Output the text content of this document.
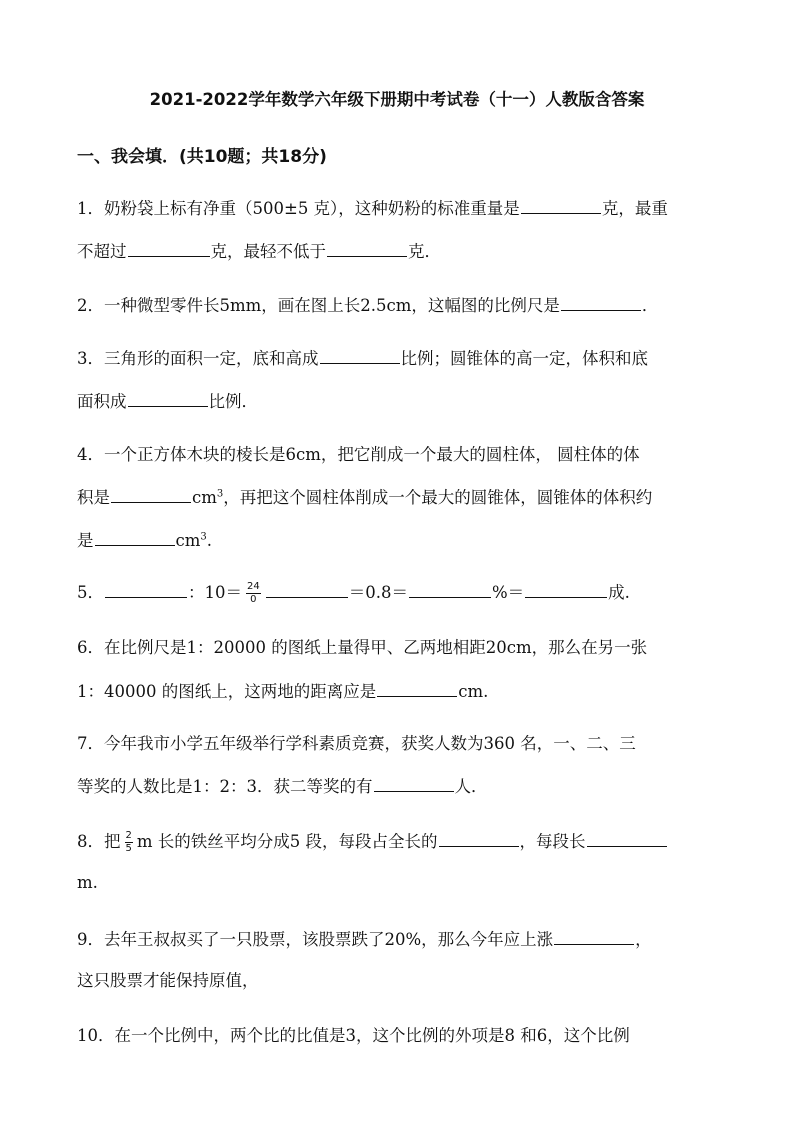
2021-2022学年数学六年级下册期中考试卷（十一）人教版含答案
一、我会填．(共10题；共18分)
1．奶粉袋上标有净重（500±5 克），这种奶粉的标准重量是	克，最重
不超过	克，最轻不低于	克．
2．一种微型零件长5mm，画在图上长2.5cm，这幅图的比例尺是	．
3．三角形的面积一定，底和高成	比例；圆锥体的高一定，体积和底
面积成	比例．
4．一个正方体木块的棱长是6cm，把它削成一个最大的圆柱体， 圆柱体的体
积是	$cm^3$，再把这个圆柱体削成一个最大的圆锥体，圆锥体的体积约
是	$cm^3$.
5．	：$10= \frac{24}{0}$	＝0.8＝	%＝	成.
6．在比例尺是1：20000 的图纸上量得甲、乙两地相距20cm，那么在另一张
1：40000 的图纸上，这两地的距离应是	cm.
7．今年我市小学五年级举行学科素质竞赛，获奖人数为360 名，一、二、三
等奖的人数比是1：2：3．获二等奖的有	人．
8．把 $\frac{2}{5}$ m 长的铁丝平均分成5 段，每段占全长的	，每段长
m.
9．去年王叔叔买了一只股票，该股票跌了20%，那么今年应上涨	，
这只股票才能保持原值，
10．在一个比例中，两个比的比值是3，这个比例的外项是8 和6，这个比例
